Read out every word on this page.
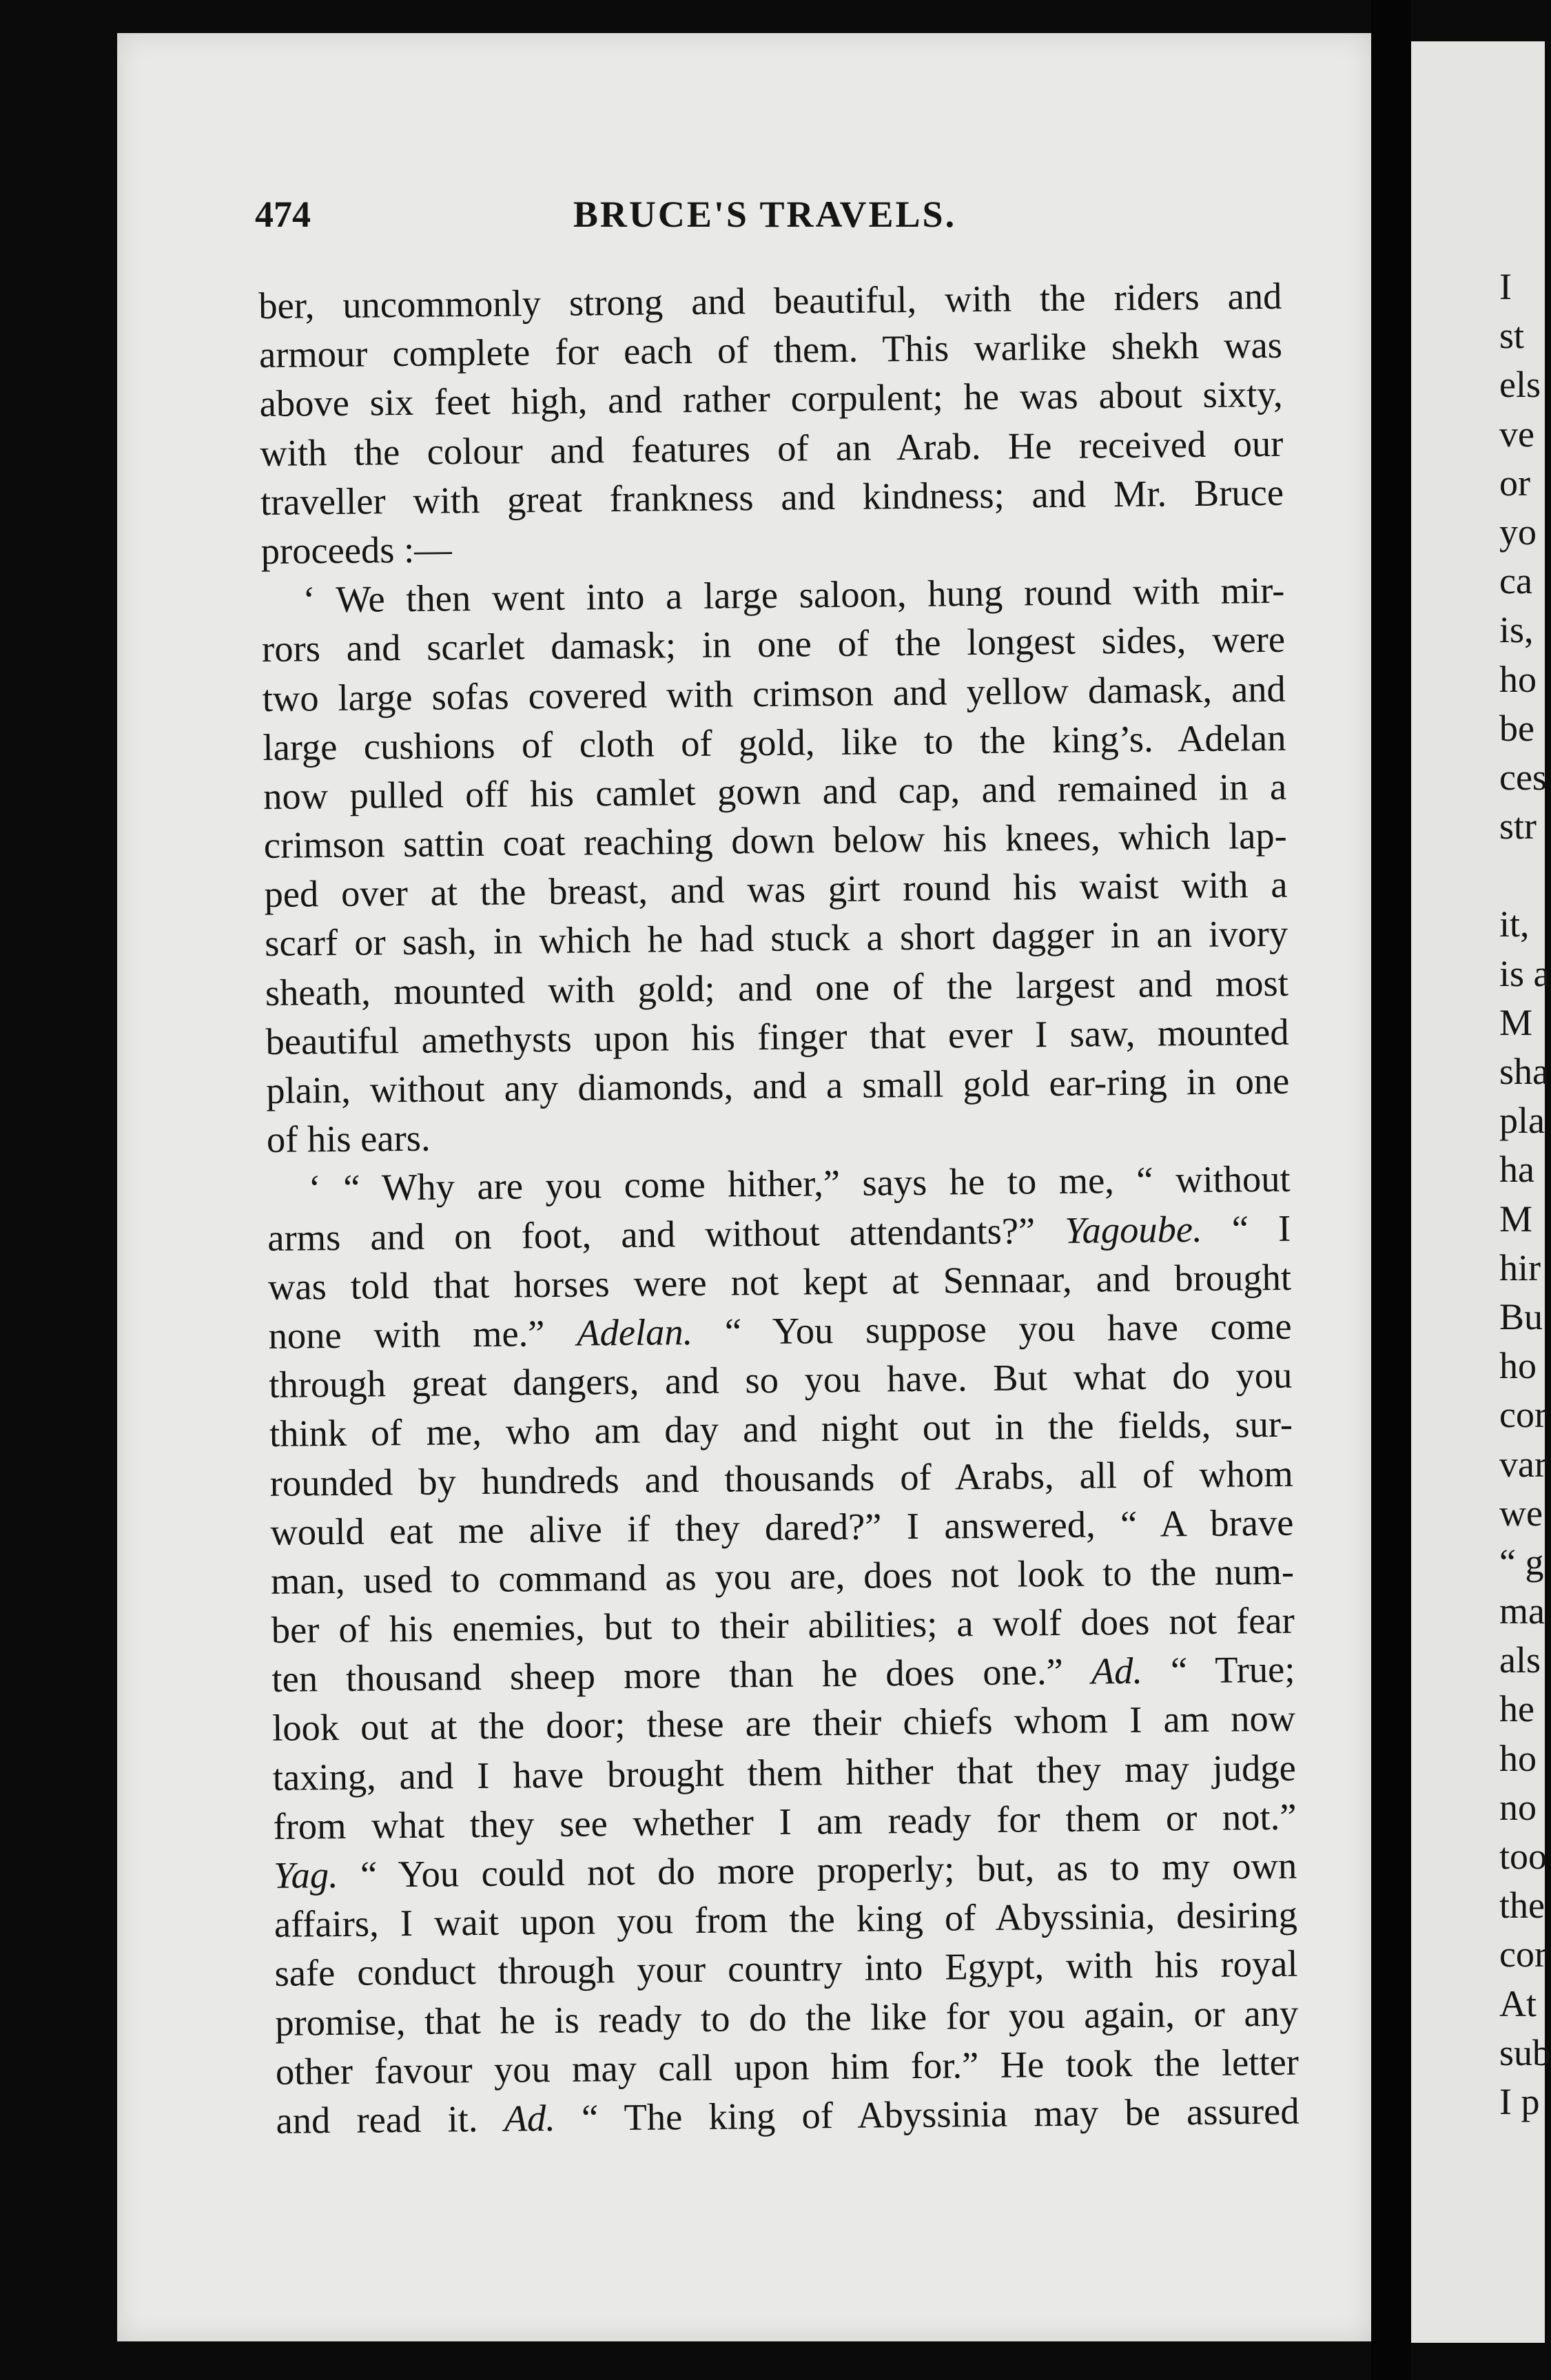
474	BRUCE'S TRAVELS.
ber, uncommonly strong and beautiful, with the riders and
armour complete for each of them. This warlike shekh was
above six feet high, and rather corpulent; he was about sixty,
with the colour and features of an Arab. He received our
traveller with great frankness and kindness; and Mr. Bruce
proceeds :—
‘ We then went into a large saloon, hung round with mir-
rors and scarlet damask; in one of the longest sides, were
two large sofas covered with crimson and yellow damask, and
large cushions of cloth of gold, like to the king’s. Adelan
now pulled off his camlet gown and cap, and remained in a
crimson sattin coat reaching down below his knees, which lap-
ped over at the breast, and was girt round his waist with a
scarf or sash, in which he had stuck a short dagger in an ivory
sheath, mounted with gold; and one of the largest and most
beautiful amethysts upon his finger that ever I saw, mounted
plain, without any diamonds, and a small gold ear-ring in one
of his ears.
‘ “ Why are you come hither,” says he to me, “ without
arms and on foot, and without attendants?” Yagoube. “ I
was told that horses were not kept at Sennaar, and brought
none with me.” Adelan. “ You suppose you have come
through great dangers, and so you have. But what do you
think of me, who am day and night out in the fields, sur-
rounded by hundreds and thousands of Arabs, all of whom
would eat me alive if they dared?” I answered, “ A brave
man, used to command as you are, does not look to the num-
ber of his enemies, but to their abilities; a wolf does not fear
ten thousand sheep more than he does one.” Ad. “ True;
look out at the door; these are their chiefs whom I am now
taxing, and I have brought them hither that they may judge
from what they see whether I am ready for them or not.”
Yag. “ You could not do more properly; but, as to my own
affairs, I wait upon you from the king of Abyssinia, desiring
safe conduct through your country into Egypt, with his royal
promise, that he is ready to do the like for you again, or any
other favour you may call upon him for.” He took the letter
and read it. Ad. “ The king of Abyssinia may be assured
I
st
els
ve
or
yo
ca
is,
ho
be
ces
str
it,
is a
M
sha
pla
ha
M
hir
Bu
ho
cor
var
we
“ g
ma
als
he
ho
no
too
the
cor
At
sub
I p
